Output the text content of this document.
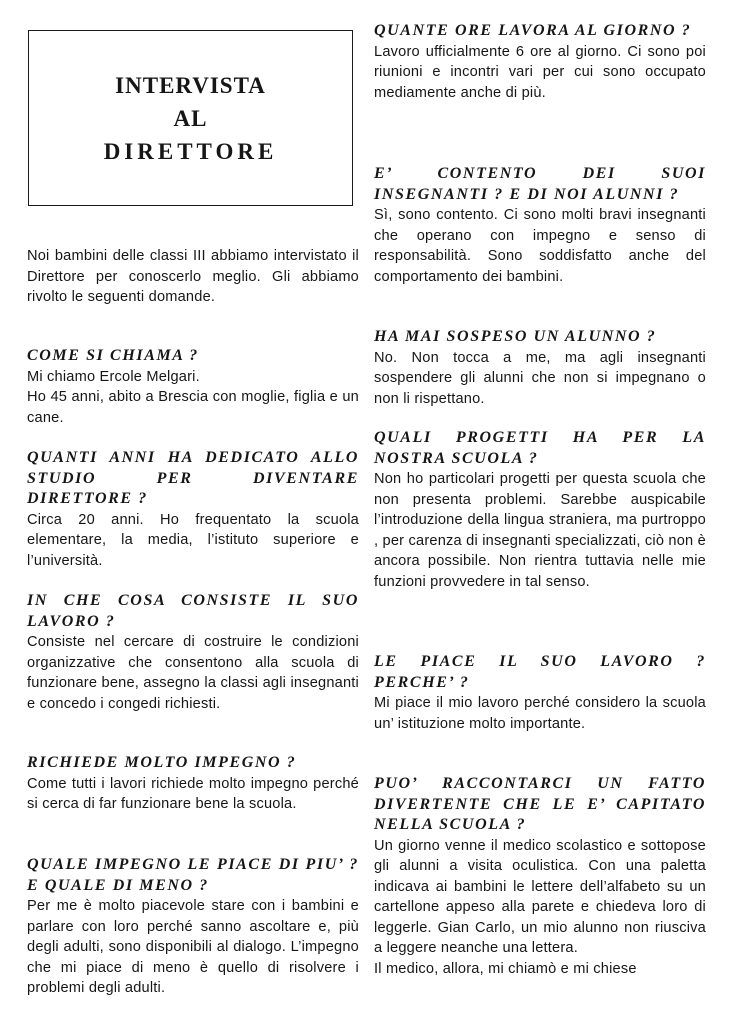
INTERVISTA
AL
DIRETTORE
Noi bambini delle classi III abbiamo intervistato il Direttore per conoscerlo meglio. Gli abbiamo rivolto le seguenti domande.
COME SI CHIAMA ?

Mi chiamo Ercole Melgari.

Ho 45 anni, abito a Brescia con moglie, figlia e un cane.

QUANTI ANNI HA DEDICATO ALLO STUDIO PER DIVENTARE DIRETTORE ?
Circa 20 anni. Ho frequentato la scuola elementare, la media, l’istituto superiore e l’università.
IN CHE COSA CONSISTE IL SUO LAVORO ?
Consiste nel cercare di costruire le condizioni organizzative che consentono alla scuola di funzionare bene, assegno la classi agli insegnanti e concedo i congedi richiesti.
RICHIEDE MOLTO IMPEGNO ?
Come tutti i lavori richiede molto impegno perché si cerca di far funzionare bene la scuola.
QUALE IMPEGNO LE PIACE DI PIU’ ? E QUALE DI MENO ?
Per me è molto piacevole stare con i bambini e parlare con loro perché sanno ascoltare e, più degli adulti, sono disponibili al dialogo. L’impegno che mi piace di meno è quello di risolvere i problemi degli adulti.
QUANTE ORE LAVORA AL GIORNO ?
Lavoro ufficialmente 6 ore al giorno. Ci sono poi riunioni e incontri vari per cui sono occupato mediamente anche di più.
E’ CONTENTO DEI SUOI INSEGNANTI ? E DI NOI ALUNNI ?
Sì, sono contento. Ci sono molti bravi insegnanti che operano con impegno e senso di responsabilità. Sono soddisfatto anche del comportamento dei bambini.
HA MAI SOSPESO UN ALUNNO ?
No. Non tocca a me, ma agli insegnanti sospendere gli alunni che non si impegnano o non li rispettano.
QUALI PROGETTI HA PER LA NOSTRA SCUOLA ?
Non ho particolari progetti per questa scuola che non presenta problemi. Sarebbe auspicabile l’introduzione della lingua straniera, ma purtroppo , per carenza di insegnanti specializzati, ciò non è ancora possibile. Non rientra tuttavia nelle mie funzioni provvedere in tal senso.
LE PIACE IL SUO LAVORO ? PERCHE’ ?
Mi piace il mio lavoro perché considero la scuola un’ istituzione molto importante.
PUO’ RACCONTARCI UN FATTO DIVERTENTE CHE LE E’ CAPITATO NELLA SCUOLA ?

Un giorno venne il medico scolastico e sottopose gli alunni a visita oculistica. Con una paletta indicava ai bambini le lettere dell’alfabeto su un cartellone appeso alla parete e chiedeva loro di leggerle. Gian Carlo, un mio alunno non riusciva a leggere neanche una lettera.

Il medico, allora, mi chiamò e mi chiese
